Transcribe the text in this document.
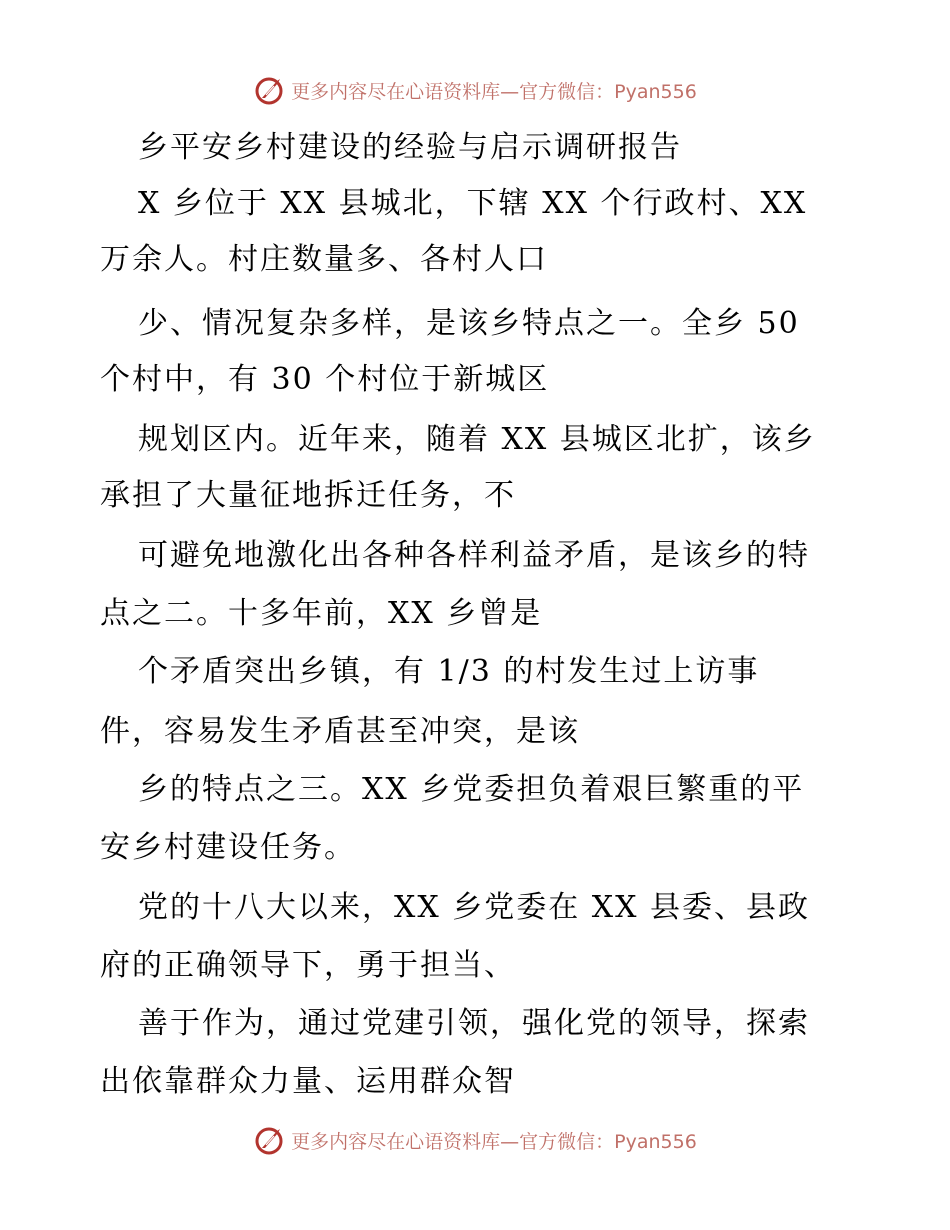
更多内容尽在心语资料库—官方微信：Pyan556
乡平安乡村建设的经验与启示调研报告
X 乡位于 XX 县城北，下辖 XX 个行政村、XX
万余人。村庄数量多、各村人口
少、情况复杂多样，是该乡特点之一。全乡 50
个村中，有 30 个村位于新城区
规划区内。近年来，随着 XX 县城区北扩，该乡
承担了大量征地拆迁任务，不
可避免地激化出各种各样利益矛盾，是该乡的特
点之二。十多年前，XX 乡曾是
个矛盾突出乡镇，有 1/3 的村发生过上访事
件，容易发生矛盾甚至冲突，是该
乡的特点之三。XX 乡党委担负着艰巨繁重的平
安乡村建设任务。
党的十八大以来，XX 乡党委在 XX 县委、县政
府的正确领导下，勇于担当、
善于作为，通过党建引领，强化党的领导，探索
出依靠群众力量、运用群众智
更多内容尽在心语资料库—官方微信：Pyan556
